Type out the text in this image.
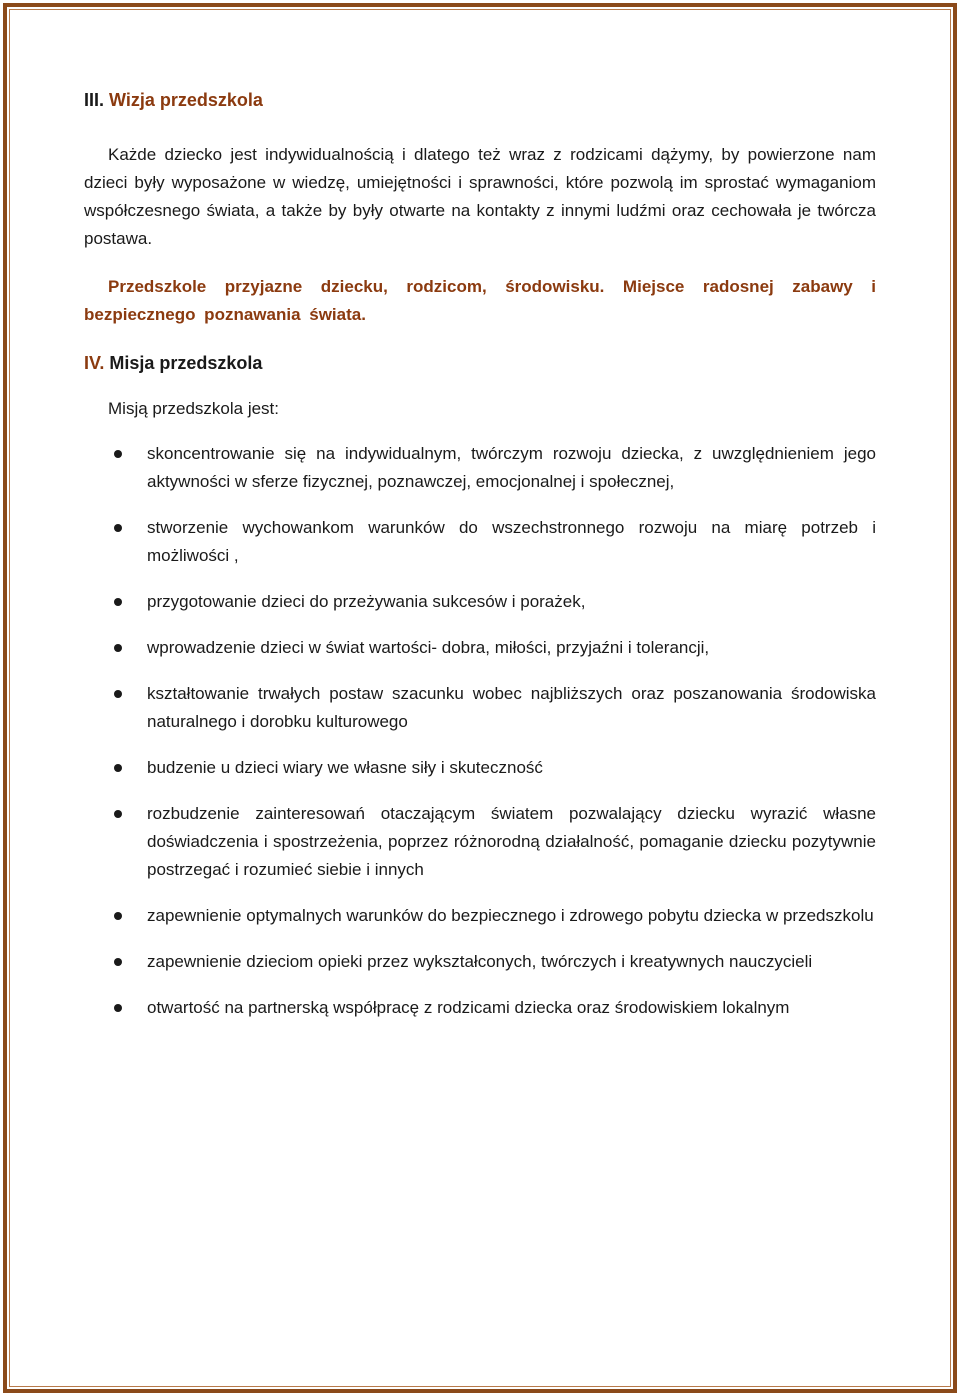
III. Wizja przedszkola

Każde dziecko jest indywidualnością i dlatego też wraz z rodzicami dążymy, by powierzone nam dzieci były wyposażone w wiedzę, umiejętności i sprawności, które pozwolą im sprostać wymaganiom współczesnego świata, a także by były otwarte na kontakty z innymi ludźmi oraz cechowała je twórcza postawa.

Przedszkole przyjazne dziecku, rodzicom, środowisku. Miejsce radosnej zabawy i bezpiecznego poznawania świata.

IV. Misja przedszkola

Misją przedszkola jest:

skoncentrowanie się na indywidualnym, twórczym rozwoju dziecka, z uwzględnieniem jego aktywności w sferze fizycznej, poznawczej, emocjonalnej i społecznej,
stworzenie wychowankom warunków do wszechstronnego rozwoju na miarę potrzeb i możliwości ,
przygotowanie dzieci do przeżywania sukcesów i porażek,
wprowadzenie dzieci w świat wartości- dobra, miłości, przyjaźni i tolerancji,
kształtowanie trwałych postaw szacunku wobec najbliższych oraz poszanowania środowiska naturalnego i dorobku kulturowego
budzenie u dzieci wiary we własne siły i skuteczność
rozbudzenie zainteresowań otaczającym światem pozwalający dziecku wyrazić własne doświadczenia i spostrzeżenia, poprzez różnorodną działalność, pomaganie dziecku pozytywnie postrzegać i rozumieć siebie i innych
zapewnienie optymalnych warunków do bezpiecznego i zdrowego pobytu dziecka w przedszkolu
zapewnienie dzieciom opieki przez wykształconych, twórczych i kreatywnych nauczycieli
otwartość na partnerską współpracę z rodzicami dziecka oraz środowiskiem lokalnym
